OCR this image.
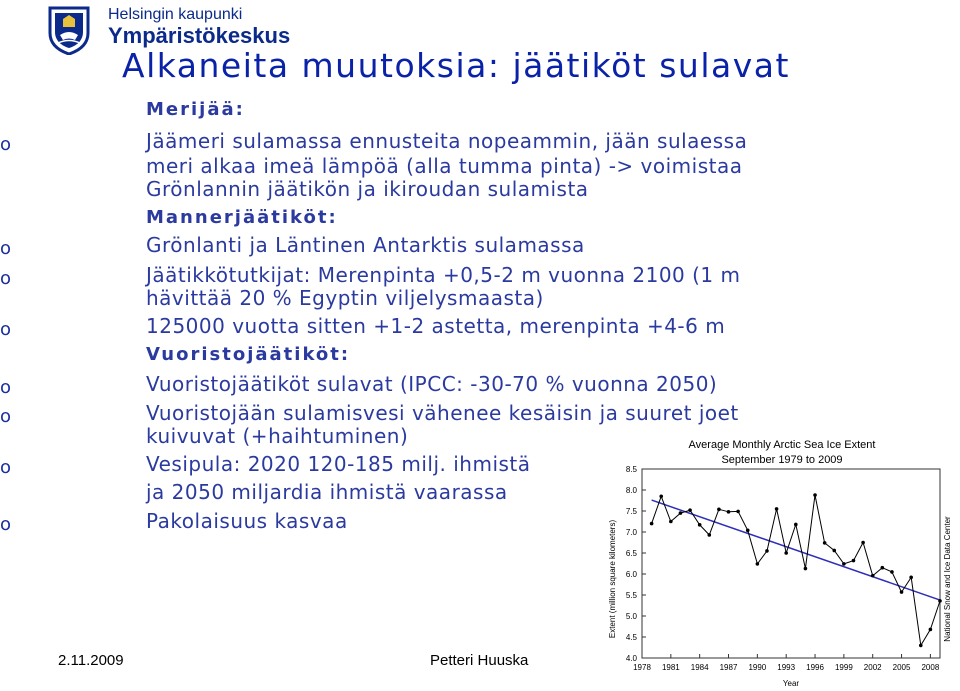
Helsingin kaupunki
Ympäristökeskus
Alkaneita muutoksia: jäätiköt sulavat
Merijää:
o	Jäämeri sulamassa ennusteita nopeammin, jään sulaessa
meri alkaa imeä lämpöä (alla tumma pinta) -> voimistaa
Grönlannin jäätikön ja ikiroudan sulamista
Mannerjäätiköt:
o	Grönlanti ja Läntinen Antarktis sulamassa
o	Jäätikkötutkijat: Merenpinta +0,5-2 m vuonna 2100 (1 m
hävittää 20 % Egyptin viljelysmaasta)
o	125000 vuotta sitten +1-2 astetta, merenpinta +4-6 m
Vuoristojäätiköt:
o	Vuoristojäätiköt sulavat (IPCC: -30-70 % vuonna 2050)
o	Vuoristojään sulamisvesi vähenee kesäisin ja suuret joet
kuivuvat (+haihtuminen)
o	Vesipula: 2020 120-185 milj. ihmistä
ja 2050 miljardia ihmistä vaarassa
o	Pakolaisuus kasvaa
2.11.2009	Petteri Huuska
Average Monthly Arctic Sea Ice Extent
September 1979 to 2009
Extent (million square kilometers)
Year
National Snow and Ice Data Center
4.0
4.5
5.0
5.5
6.0
6.5
7.0
7.5
8.0
8.5
1978 1981 1984 1987 1990 1993 1996 1999 2002 2005 2008
